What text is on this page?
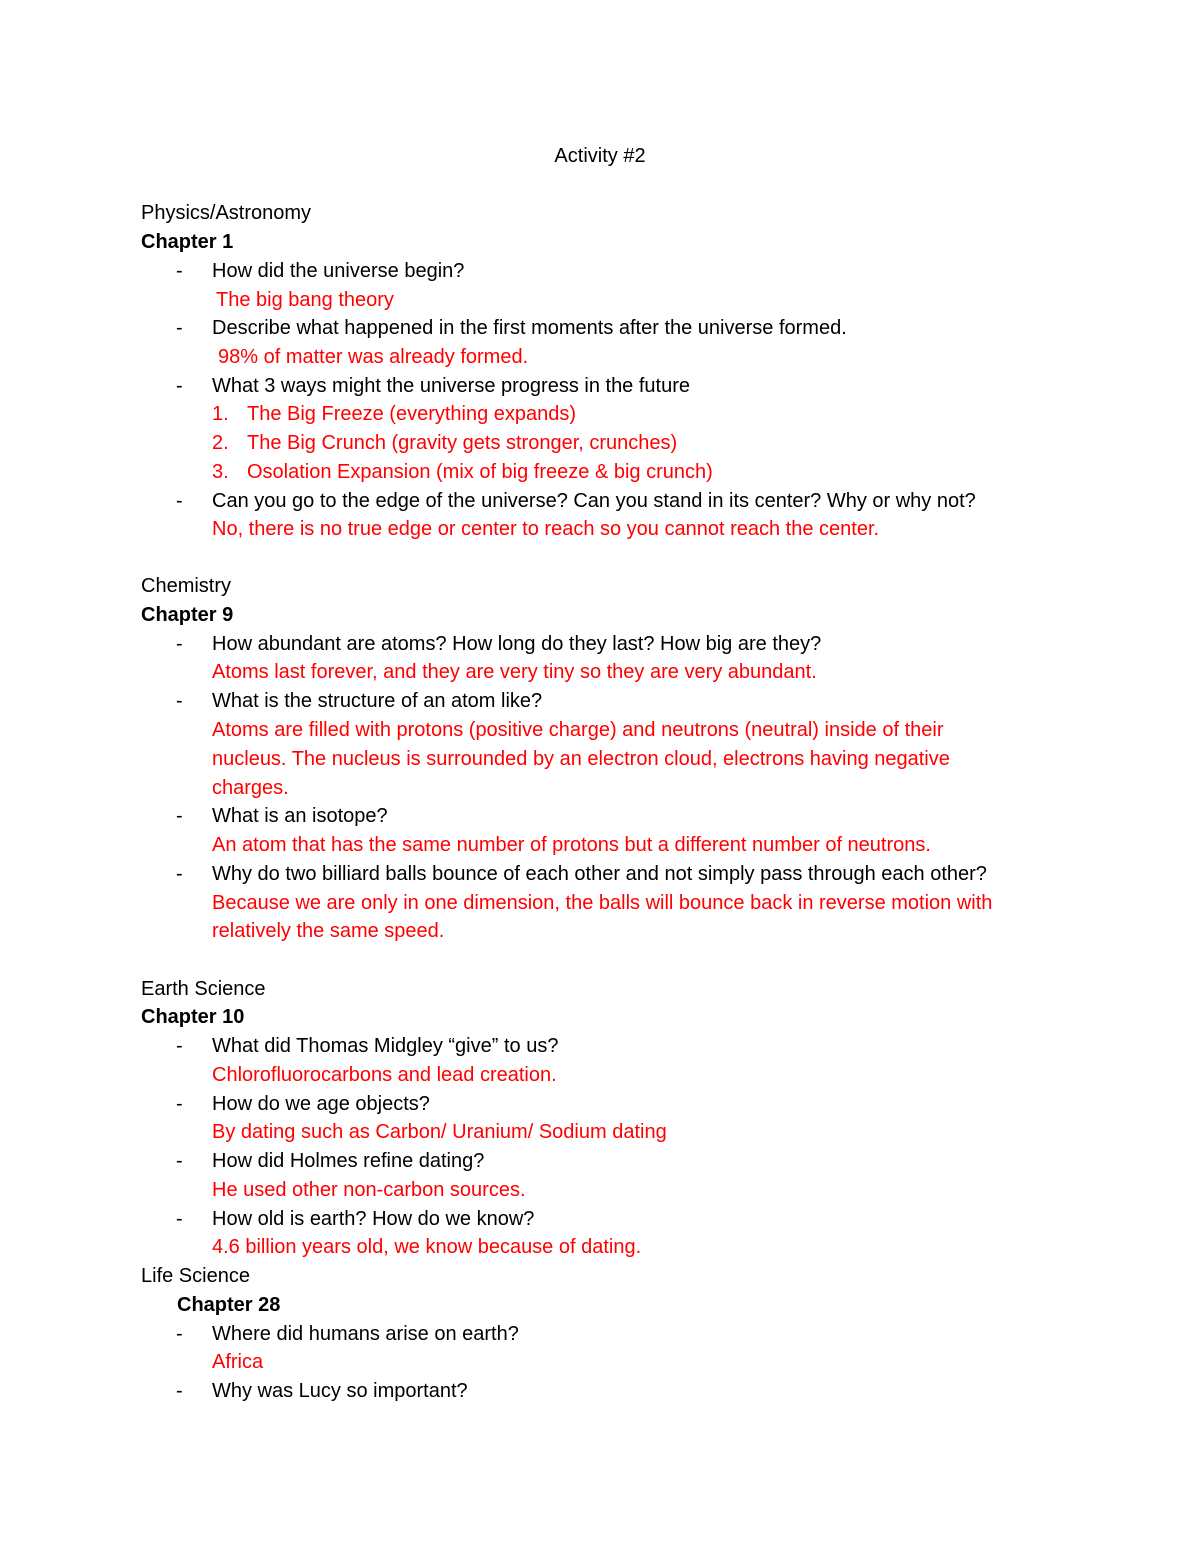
Activity #2
Physics/Astronomy
Chapter 1
- How did the universe begin?
The big bang theory
- Describe what happened in the first moments after the universe formed.
98% of matter was already formed.
- What 3 ways might the universe progress in the future
1. The Big Freeze (everything expands)
2. The Big Crunch (gravity gets stronger, crunches)
3. Osolation Expansion (mix of big freeze & big crunch)
- Can you go to the edge of the universe? Can you stand in its center? Why or why not?
No, there is no true edge or center to reach so you cannot reach the center.
Chemistry
Chapter 9
- How abundant are atoms? How long do they last? How big are they?
Atoms last forever, and they are very tiny so they are very abundant.
- What is the structure of an atom like?
Atoms are filled with protons (positive charge) and neutrons (neutral) inside of their
nucleus. The nucleus is surrounded by an electron cloud, electrons having negative
charges.
- What is an isotope?
An atom that has the same number of protons but a different number of neutrons.
- Why do two billiard balls bounce of each other and not simply pass through each other?
Because we are only in one dimension, the balls will bounce back in reverse motion with
relatively the same speed.
Earth Science
Chapter 10
- What did Thomas Midgley “give” to us?
Chlorofluorocarbons and lead creation.
- How do we age objects?
By dating such as Carbon/ Uranium/ Sodium dating
- How did Holmes refine dating?
He used other non-carbon sources.
- How old is earth? How do we know?
4.6 billion years old, we know because of dating.
Life Science
Chapter 28
- Where did humans arise on earth?
Africa
- Why was Lucy so important?
